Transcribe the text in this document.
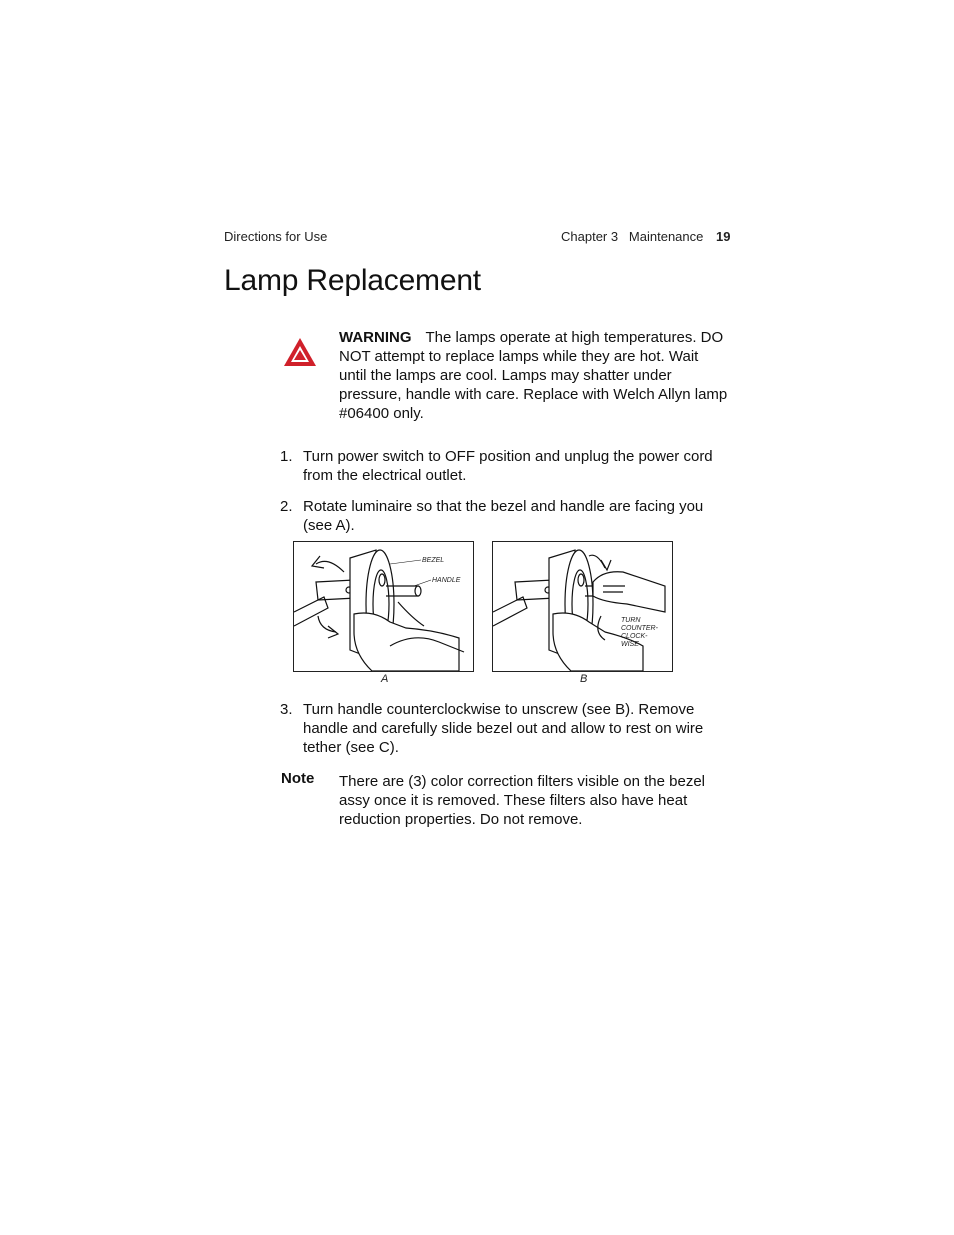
Directions for Use	Chapter 3   Maintenance 19
Lamp Replacement
WARNING The lamps operate at high temperatures. DO NOT attempt to replace lamps while they are hot. Wait until the lamps are cool. Lamps may shatter under pressure, handle with care. Replace with Welch Allyn lamp #06400 only.
1. Turn power switch to OFF position and unplug the power cord from the electrical outlet.
2. Rotate luminaire so that the bezel and handle are facing you (see A).
BEZEL
HANDLE
TURN
COUNTER-
CLOCK-
WISE
A	B
3. Turn handle counterclockwise to unscrew (see B). Remove handle and carefully slide bezel out and allow to rest on wire tether (see C).
Note There are (3) color correction filters visible on the bezel assy once it is removed. These filters also have heat reduction properties. Do not remove.
